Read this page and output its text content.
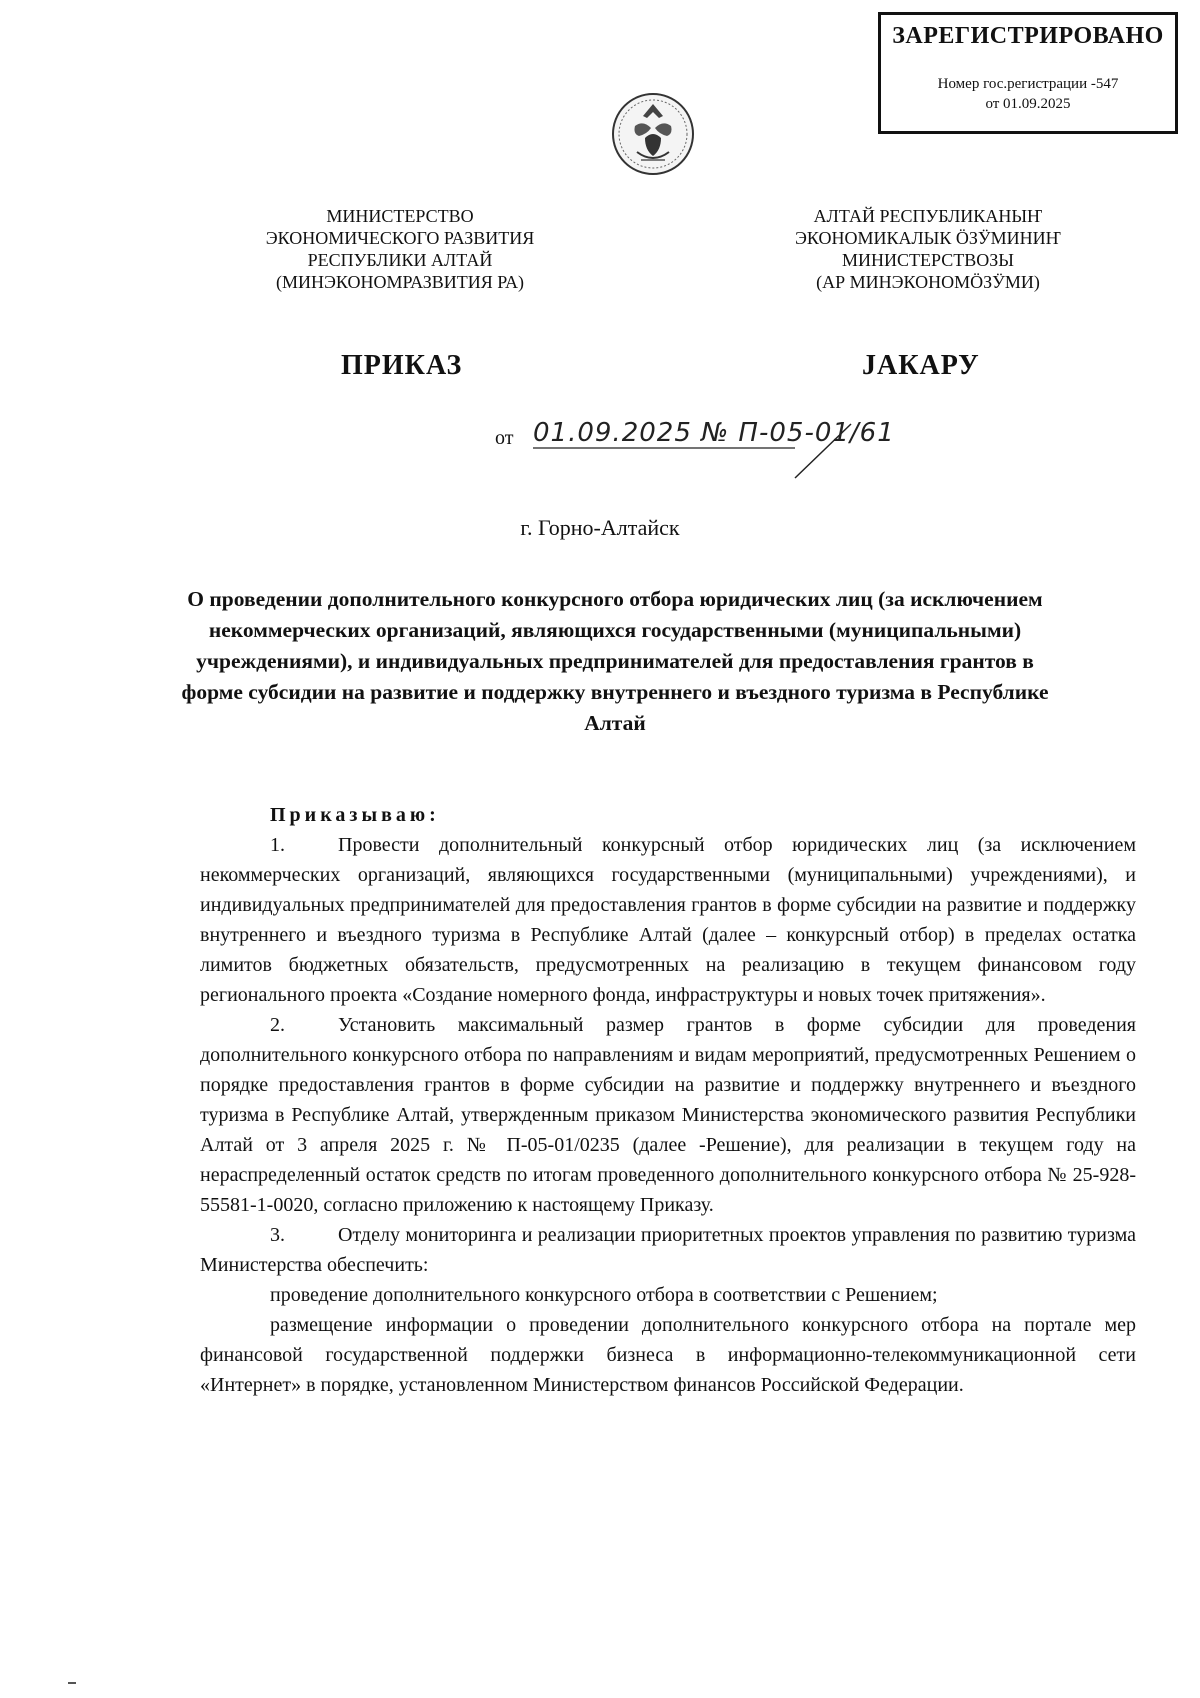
ЗАРЕГИСТРИРОВАНО
Номер гос.регистрации -547
от 01.09.2025
МИНИСТЕРСТВО
ЭКОНОМИЧЕСКОГО РАЗВИТИЯ
РЕСПУБЛИКИ АЛТАЙ
(МИНЭКОНОМРАЗВИТИЯ РА)
АЛТАЙ РЕСПУБЛИКАНЫҤ
ЭКОНОМИКАЛЫК ӦЗӰМИНИҤ
МИНИСТЕРСТВОЗЫ
(АР МИНЭКОНОМӦЗӰМИ)
ПРИКАЗ	ЈАКАРУ
от 01.09.2025 № П-05-01/61
г. Горно-Алтайск
О проведении дополнительного конкурсного отбора юридических лиц (за исключением некоммерческих организаций, являющихся государственными (муниципальными) учреждениями), и индивидуальных предпринимателей для предоставления грантов в форме субсидии на развитие и поддержку внутреннего и въездного туризма в Республике Алтай

Приказываю:

1.	Провести дополнительный конкурсный отбор юридических лиц (за исключением некоммерческих организаций, являющихся государственными (муниципальными) учреждениями), и индивидуальных предпринимателей для предоставления грантов в форме субсидии на развитие и поддержку внутреннего и въездного туризма в Республике Алтай (далее – конкурсный отбор) в пределах остатка лимитов бюджетных обязательств, предусмотренных на реализацию в текущем финансовом году регионального проекта «Создание номерного фонда, инфраструктуры и новых точек притяжения».

2.	Установить максимальный размер грантов в форме субсидии для проведения дополнительного конкурсного отбора по направлениям и видам мероприятий, предусмотренных Решением о порядке предоставления грантов в форме субсидии на развитие и поддержку внутреннего и въездного туризма в Республике Алтай, утвержденным приказом Министерства экономического развития Республики Алтай от 3 апреля 2025 г. № П-05-01/0235 (далее -Решение), для реализации в текущем году на нераспределенный остаток средств по итогам проведенного дополнительного конкурсного отбора № 25-928-55581-1-0020, согласно приложению к настоящему Приказу.

3.	Отделу мониторинга и реализации приоритетных проектов управления по развитию туризма Министерства обеспечить:

проведение дополнительного конкурсного отбора в соответствии с Решением;

размещение информации о проведении дополнительного конкурсного отбора на портале мер финансовой государственной поддержки бизнеса в информационно-телекоммуникационной сети «Интернет» в порядке, установленном Министерством финансов Российской Федерации.
